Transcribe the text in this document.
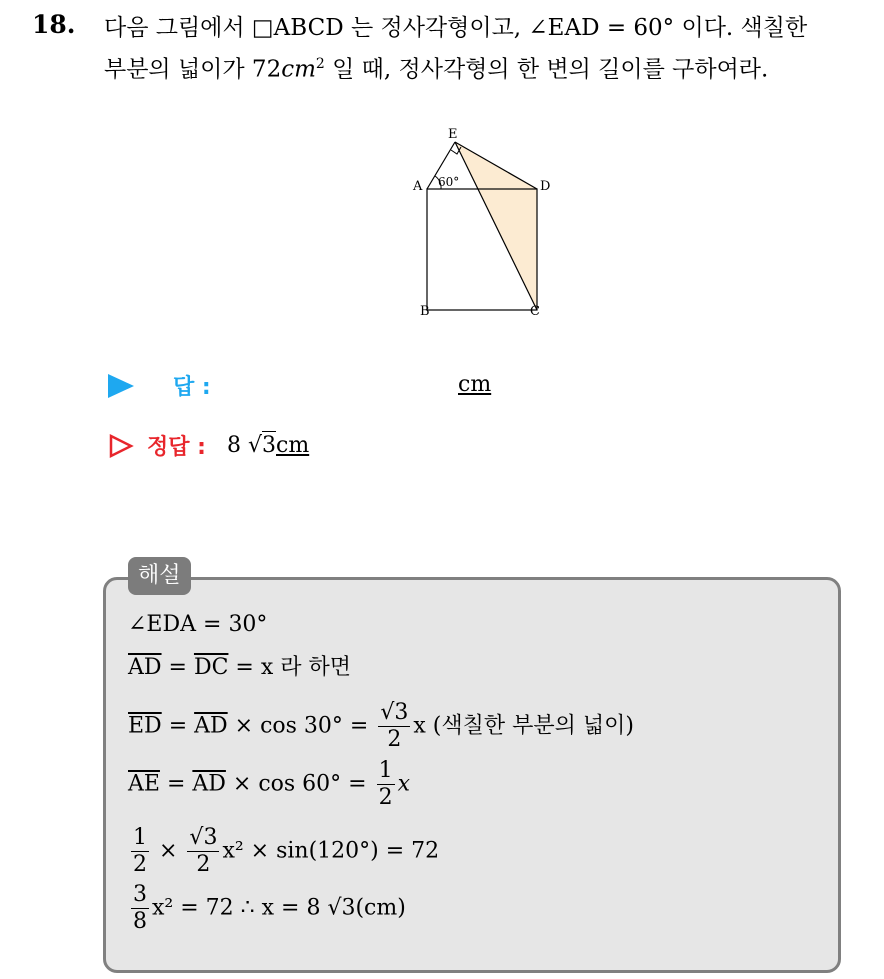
18. 다음 그림에서 □ABCD 는 정사각형이고, ∠EAD = 60° 이다. 색칠한
부분의 넓이가 $72cm^2$ 일 때, 정사각형의 한 변의 길이를 구하여라.
E
A 60°	D
B	C
답 :	cm
정답 : 8 √3cm
해설
∠EDA = 30°
$\overline{AD} = \overline{DC} = x$ 라 하면
$\overline{ED} = \overline{AD} \times \cos 30^\circ = \frac{√3}{2}$ x (색칠한 부분의 넓이)
$\overline{AE} = \overline{AD} \times \cos 60^\circ = \frac{1}{2}$ x
$\frac{1}{2} \times \frac{√3}{2} x^2 \times \sin(120^\circ) = 72$
$\frac{3}{8} x^2 = 72$ ∴ x = 8 √3(cm)
